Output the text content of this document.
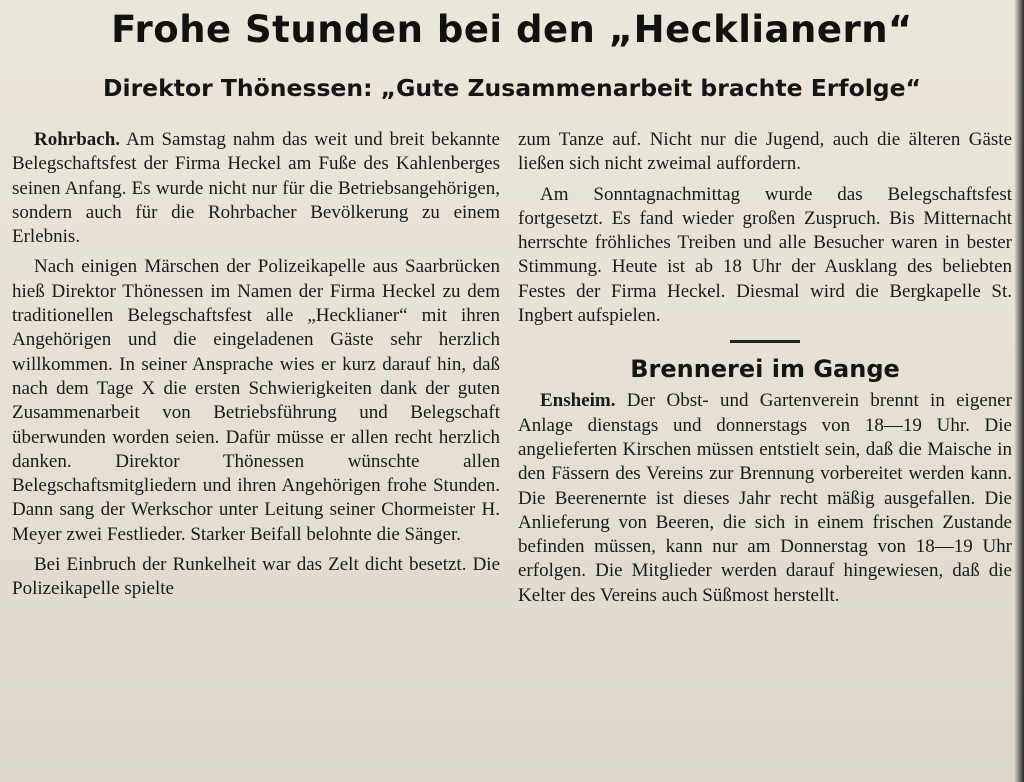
Frohe Stunden bei den „Hecklianern“
Direktor Thönessen: „Gute Zusammenarbeit brachte Erfolge“

Rohrbach. Am Samstag nahm das weit und breit bekannte Belegschaftsfest der Firma Heckel am Fuße des Kahlenberges seinen Anfang. Es wurde nicht nur für die Betriebsangehörigen, sondern auch für die Rohrbacher Bevölkerung zu einem Erlebnis.

Nach einigen Märschen der Polizeikapelle aus Saarbrücken hieß Direktor Thönessen im Namen der Firma Heckel zu dem traditionellen Belegschaftsfest alle „Hecklianer“ mit ihren Angehörigen und die eingeladenen Gäste sehr herzlich willkommen. In seiner Ansprache wies er kurz darauf hin, daß nach dem Tage X die ersten Schwierigkeiten dank der guten Zusammenarbeit von Betriebsführung und Belegschaft überwunden worden seien. Dafür müsse er allen recht herzlich danken. Direktor Thönessen wünschte allen Belegschaftsmitgliedern und ihren Angehörigen frohe Stunden. Dann sang der Werkschor unter Leitung seiner Chormeister H. Meyer zwei Festlieder. Starker Beifall belohnte die Sänger.

Bei Einbruch der Runkelheit war das Zelt dicht besetzt. Die Polizeikapelle spielte

zum Tanze auf. Nicht nur die Jugend, auch die älteren Gäste ließen sich nicht zweimal auffordern.

Am Sonntagnachmittag wurde das Belegschaftsfest fortgesetzt. Es fand wieder großen Zuspruch. Bis Mitternacht herrschte fröhliches Treiben und alle Besucher waren in bester Stimmung. Heute ist ab 18 Uhr der Ausklang des beliebten Festes der Firma Heckel. Diesmal wird die Bergkapelle St. Ingbert aufspielen.

Brennerei im Gange

Ensheim. Der Obst- und Gartenverein brennt in eigener Anlage dienstags und donnerstags von 18—19 Uhr. Die angelieferten Kirschen müssen entstielt sein, daß die Maische in den Fässern des Vereins zur Brennung vorbereitet werden kann. Die Beerenernte ist dieses Jahr recht mäßig ausgefallen. Die Anlieferung von Beeren, die sich in einem frischen Zustande befinden müssen, kann nur am Donnerstag von 18—19 Uhr erfolgen. Die Mitglieder werden darauf hingewiesen, daß die Kelter des Vereins auch Süßmost herstellt.
